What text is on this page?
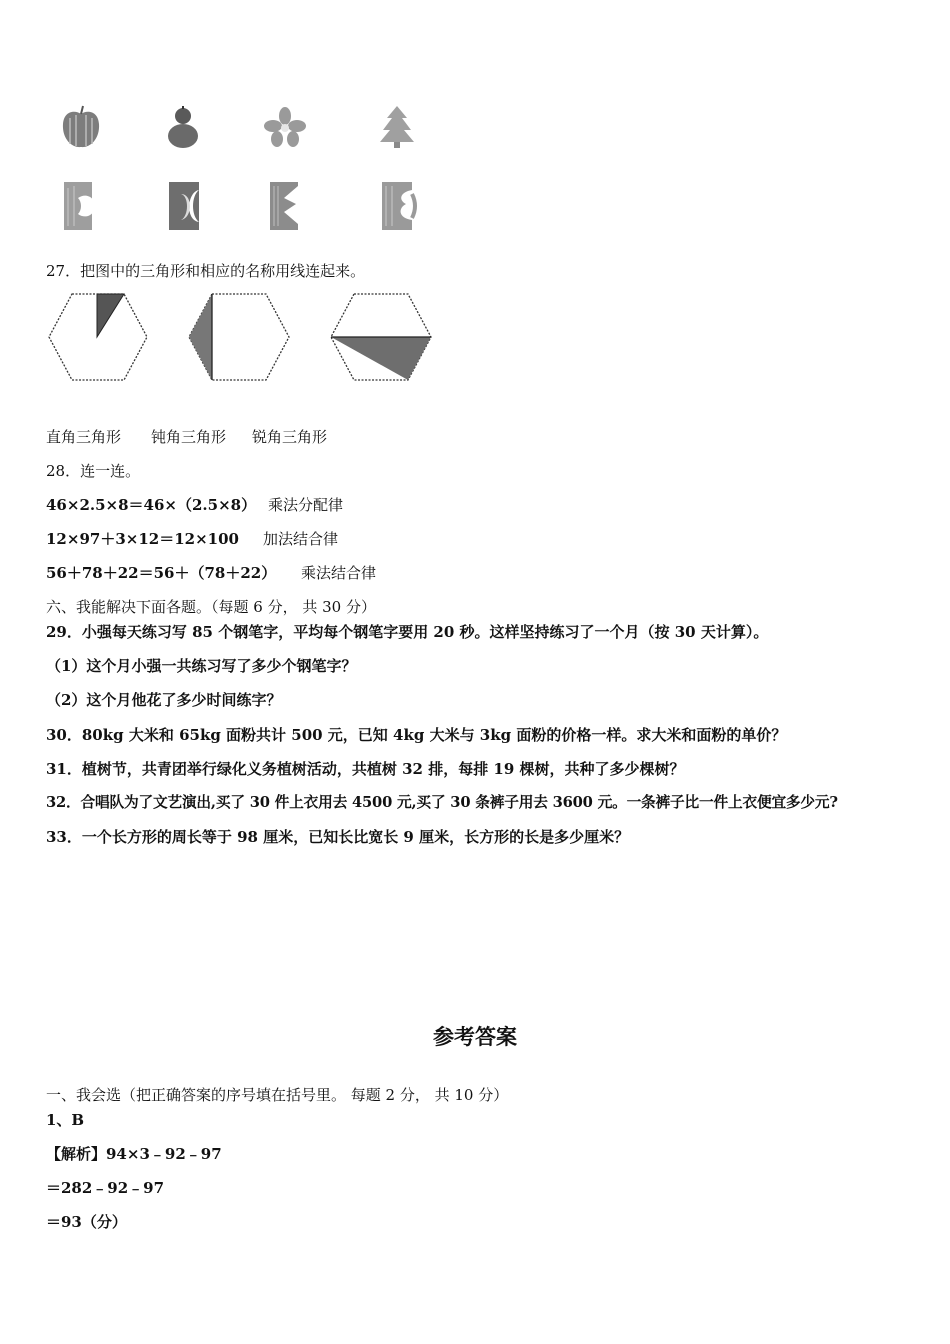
27．把图中的三角形和相应的名称用线连起来。
直角三角形 钝角三角形 锐角三角形
28．连一连。
46×2.5×8＝46×（2.5×8） 乘法分配律
12×97＋3×12＝12×100 加法结合律
56＋78＋22＝56＋（78＋22） 乘法结合律
六、我能解决下面各题。（每题 6 分， 共 30 分）
29．小强每天练习写 85 个钢笔字，平均每个钢笔字要用 20 秒。这样坚持练习了一个月（按 30 天计算）。
（1）这个月小强一共练习写了多少个钢笔字？
（2）这个月他花了多少时间练字？
30．80kg 大米和 65kg 面粉共计 500 元，已知 4kg 大米与 3kg 面粉的价格一样。求大米和面粉的单价？
31．植树节，共青团举行绿化义务植树活动，共植树 32 排，每排 19 棵树，共种了多少棵树？
32．合唱队为了文艺演出,买了 30 件上衣用去 4500 元,买了 30 条裤子用去 3600 元。一条裤子比一件上衣便宜多少元?
33．一个长方形的周长等于 98 厘米，已知长比宽长 9 厘米，长方形的长是多少厘米？
参考答案
一、我会选（把正确答案的序号填在括号里。 每题 2 分， 共 10 分）
1、B
【解析】94×3﹣92﹣97
＝282﹣92﹣97
＝93（分）
